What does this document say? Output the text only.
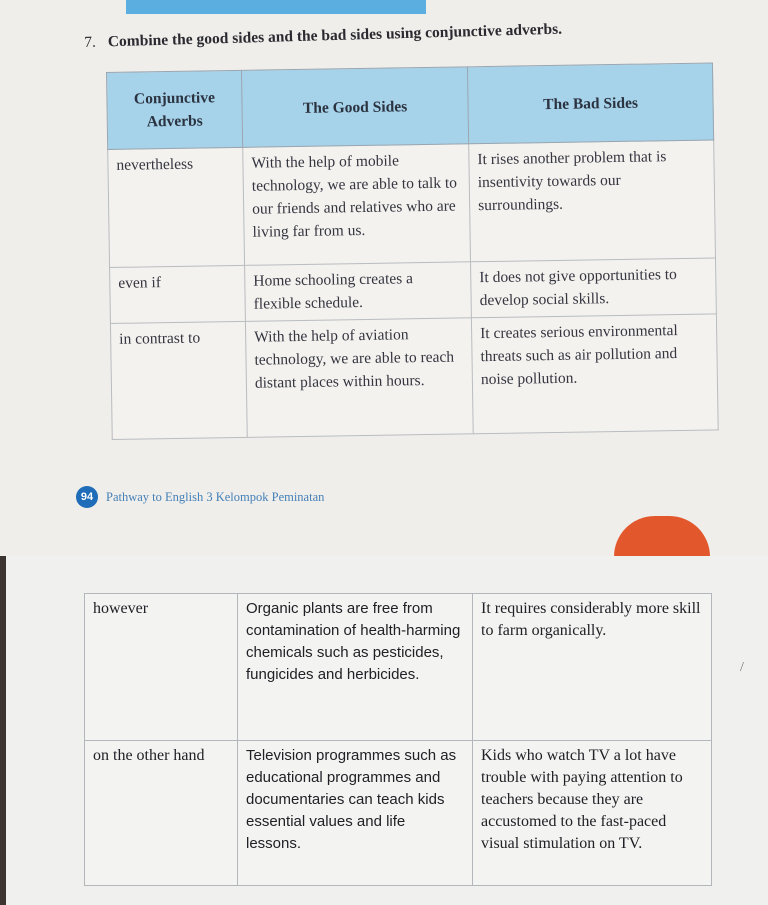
7. Combine the good sides and the bad sides using conjunctive adverbs.
Conjunctive Adverbs	The Good Sides	The Bad Sides
nevertheless	With the help of mobile technology, we are able to talk to our friends and relatives who are living far from us.	It rises another problem that is insentivity towards our surroundings.
even if	Home schooling creates a flexible schedule.	It does not give opportunities to develop social skills.
in contrast to	With the help of aviation technology, we are able to reach distant places within hours.	It creates serious environmental threats such as air pollution and noise pollution.
94	Pathway to English 3 Kelompok Peminatan
however	Organic plants are free from contamination of health-harming chemicals such as pesticides, fungicides and herbicides.	It requires considerably more skill to farm organically.
on the other hand	Television programmes such as educational programmes and documentaries can teach kids essential values and life lessons.	Kids who watch TV a lot have trouble with paying attention to teachers because they are accustomed to the fast-paced visual stimulation on TV.
/
